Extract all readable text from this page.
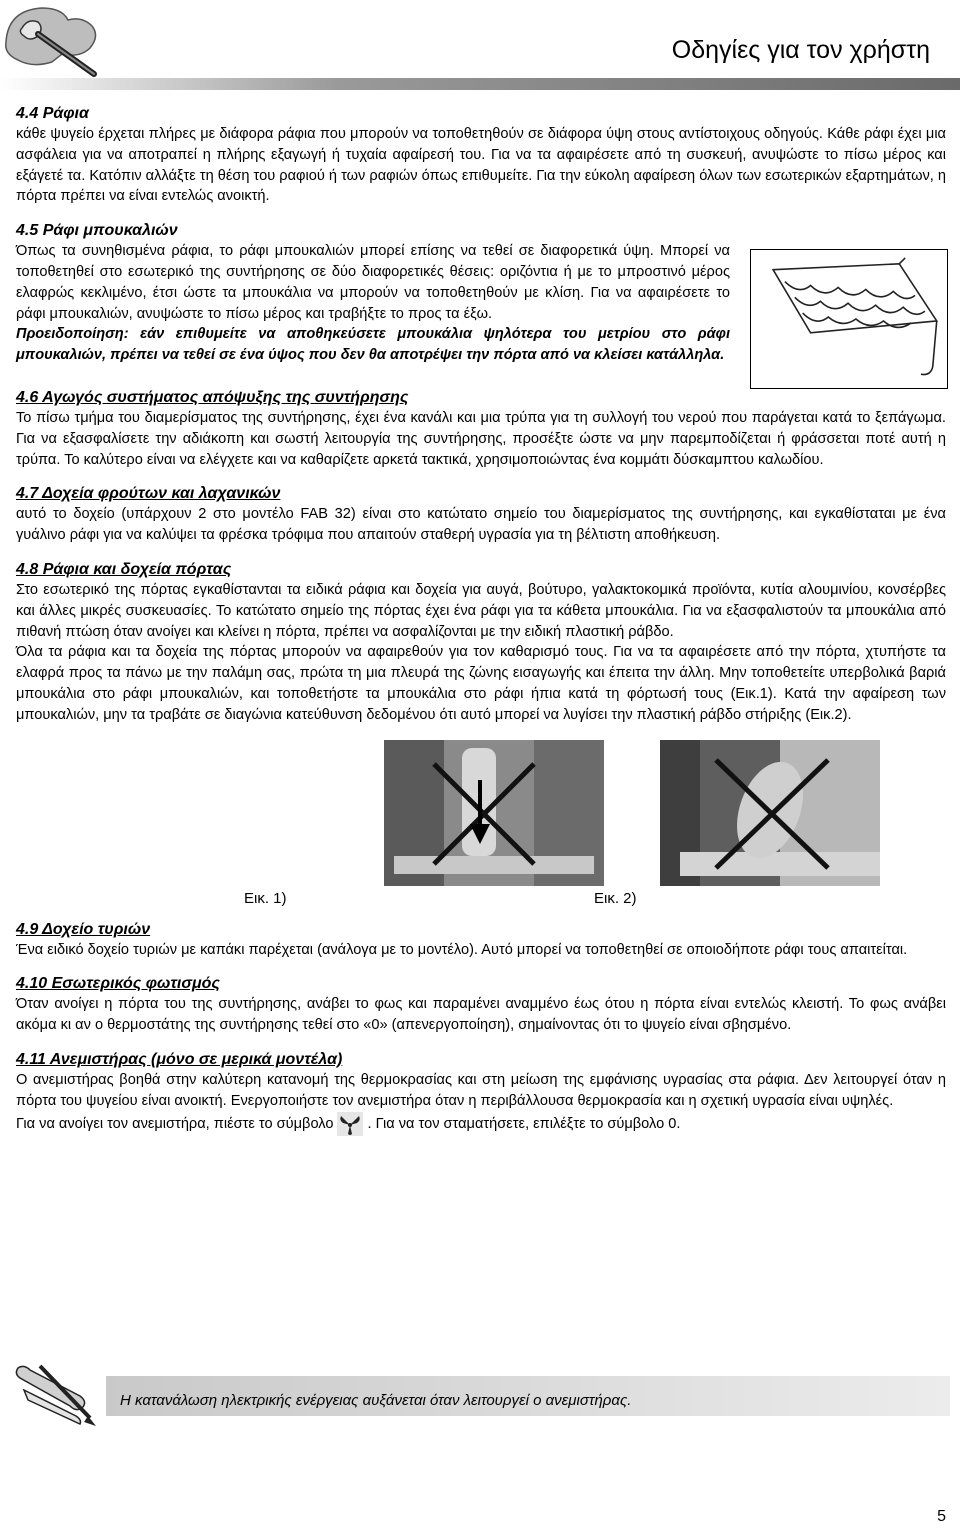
Οδηγίες για τον χρήστη
4.4 Ράφια

κάθε ψυγείο έρχεται πλήρες με διάφορα ράφια που μπορούν να τοποθετηθούν σε διάφορα ύψη στους αντίστοιχους οδηγούς. Κάθε ράφι έχει μια ασφάλεια για να αποτραπεί η πλήρης εξαγωγή ή τυχαία αφαίρεσή του. Για να τα αφαιρέσετε από τη συσκευή, ανυψώστε το πίσω μέρος και εξάγετέ τα. Κατόπιν αλλάξτε τη θέση του ραφιού ή των ραφιών όπως επιθυμείτε. Για την εύκολη αφαίρεση όλων των εσωτερικών εξαρτημάτων, η πόρτα πρέπει να είναι εντελώς ανοικτή.

4.5 Ράφι μπουκαλιών

Όπως τα συνηθισμένα ράφια, το ράφι μπουκαλιών μπορεί επίσης να τεθεί σε διαφορετικά ύψη. Μπορεί να τοποθετηθεί στο εσωτερικό της συντήρησης σε δύο διαφορετικές θέσεις: οριζόντια ή με το μπροστινό μέρος ελαφρώς κεκλιμένο, έτσι ώστε τα μπουκάλια να μπορούν να τοποθετηθούν με κλίση. Για να αφαιρέσετε το ράφι μπουκαλιών, ανυψώστε το πίσω μέρος και τραβήξτε το προς τα έξω.

Προειδοποίηση: εάν επιθυμείτε να αποθηκεύσετε μπουκάλια ψηλότερα του μετρίου στο ράφι μπουκαλιών, πρέπει να τεθεί σε ένα ύψος που δεν θα αποτρέψει την πόρτα από να κλείσει κατάλληλα.

4.6 Αγωγός συστήματος απόψυξης της συντήρησης

Το πίσω τμήμα του διαμερίσματος της συντήρησης, έχει ένα κανάλι και μια τρύπα για τη συλλογή του νερού που παράγεται κατά το ξεπάγωμα. Για να εξασφαλίσετε την αδιάκοπη και σωστή λειτουργία της συντήρησης, προσέξτε ώστε να μην παρεμποδίζεται ή φράσσεται ποτέ αυτή η τρύπα. Το καλύτερο είναι να ελέγχετε και να καθαρίζετε αρκετά τακτικά, χρησιμοποιώντας ένα κομμάτι δύσκαμπτου καλωδίου.

4.7 Δοχεία φρούτων και λαχανικών

αυτό το δοχείο (υπάρχουν 2 στο μοντέλο FAB 32) είναι στο κατώτατο σημείο του διαμερίσματος της συντήρησης, και εγκαθίσταται με ένα γυάλινο ράφι για να καλύψει τα φρέσκα τρόφιμα που απαιτούν σταθερή υγρασία για τη βέλτιστη αποθήκευση.

4.8 Ράφια και δοχεία πόρτας

Στο εσωτερικό της πόρτας εγκαθίστανται τα ειδικά ράφια και δοχεία για αυγά, βούτυρο, γαλακτοκομικά προϊόντα, κυτία αλουμινίου, κονσέρβες και άλλες μικρές συσκευασίες. Το κατώτατο σημείο της πόρτας έχει ένα ράφι για τα κάθετα μπουκάλια. Για να εξασφαλιστούν τα μπουκάλια από πιθανή πτώση όταν ανοίγει και κλείνει η πόρτα, πρέπει να ασφαλίζονται με την ειδική πλαστική ράβδο.

Όλα τα ράφια και τα δοχεία της πόρτας μπορούν να αφαιρεθούν για τον καθαρισμό τους. Για να τα αφαιρέσετε από την πόρτα, χτυπήστε τα ελαφρά προς τα πάνω με την παλάμη σας, πρώτα τη μια πλευρά της ζώνης εισαγωγής και έπειτα την άλλη. Μην τοποθετείτε υπερβολικά βαριά μπουκάλια στο ράφι μπουκαλιών, και τοποθετήστε τα μπουκάλια στο ράφι ήπια κατά τη φόρτωσή τους (Εικ.1). Κατά την αφαίρεση των μπουκαλιών, μην τα τραβάτε σε διαγώνια κατεύθυνση δεδομένου ότι αυτό μπορεί να λυγίσει την πλαστική ράβδο στήριξης (Εικ.2).

Εικ. 1)	Εικ. 2)
4.9 Δοχείο τυριών

Ένα ειδικό δοχείο τυριών με καπάκι παρέχεται (ανάλογα με το μοντέλο). Αυτό μπορεί να τοποθετηθεί σε οποιοδήποτε ράφι τους απαιτείται.

4.10 Εσωτερικός φωτισμός

Όταν ανοίγει η πόρτα του της συντήρησης, ανάβει το φως και παραμένει αναμμένο έως ότου η πόρτα είναι εντελώς κλειστή. Το φως ανάβει ακόμα κι αν ο θερμοστάτης της συντήρησης τεθεί στο «0» (απενεργοποίηση), σημαίνοντας ότι το ψυγείο είναι σβησμένο.

4.11 Ανεμιστήρας (μόνο σε μερικά μοντέλα)

Ο ανεμιστήρας βοηθά στην καλύτερη κατανομή της θερμοκρασίας και στη μείωση της εμφάνισης υγρασίας στα ράφια. Δεν λειτουργεί όταν η πόρτα του ψυγείου είναι ανοικτή. Ενεργοποιήστε τον ανεμιστήρα όταν η περιβάλλουσα θερμοκρασία και η σχετική υγρασία είναι υψηλές.

Για να ανοίγει τον ανεμιστήρα, πιέστε το σύμβολο . Για να τον σταματήσετε, επιλέξτε το σύμβολο 0.
Η κατανάλωση ηλεκτρικής ενέργειας αυξάνεται όταν λειτουργεί ο ανεμιστήρας.
5
